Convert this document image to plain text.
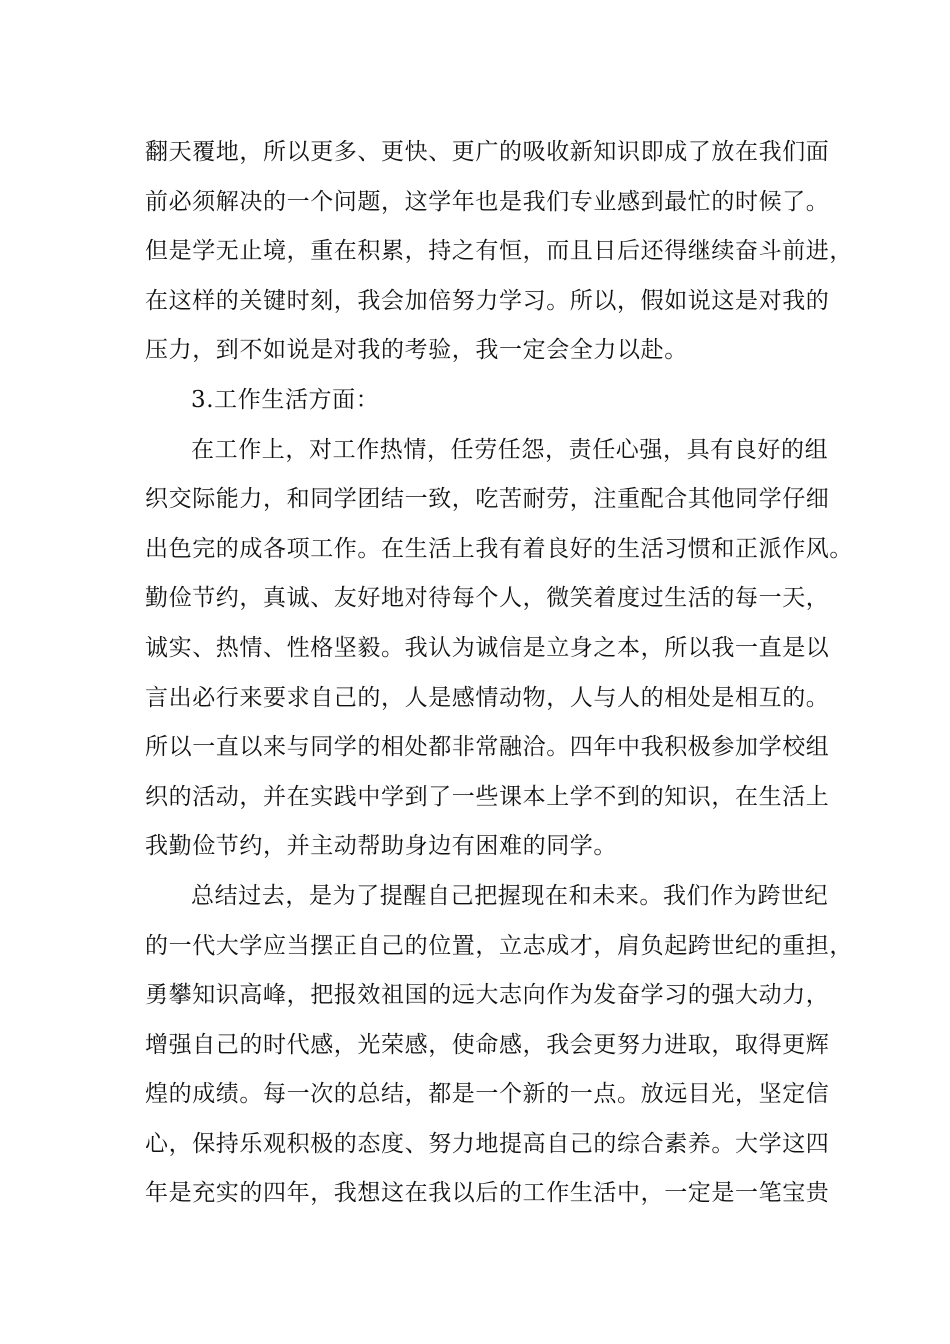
翻天覆地，所以更多、更快、更广的吸收新知识即成了放在我们面
前必须解决的一个问题，这学年也是我们专业感到最忙的时候了。
但是学无止境，重在积累，持之有恒，而且日后还得继续奋斗前进，
在这样的关键时刻，我会加倍努力学习。所以，假如说这是对我的
压力，到不如说是对我的考验，我一定会全力以赴。
3.工作生活方面：
在工作上，对工作热情，任劳任怨，责任心强，具有良好的组
织交际能力，和同学团结一致，吃苦耐劳，注重配合其他同学仔细
出色完的成各项工作。在生活上我有着良好的生活习惯和正派作风。
勤俭节约，真诚、友好地对待每个人，微笑着度过生活的每一天，
诚实、热情、性格坚毅。我认为诚信是立身之本，所以我一直是以
言出必行来要求自己的，人是感情动物，人与人的相处是相互的。
所以一直以来与同学的相处都非常融洽。四年中我积极参加学校组
织的活动，并在实践中学到了一些课本上学不到的知识，在生活上
我勤俭节约，并主动帮助身边有困难的同学。
总结过去，是为了提醒自己把握现在和未来。我们作为跨世纪
的一代大学应当摆正自己的位置，立志成才，肩负起跨世纪的重担，
勇攀知识高峰，把报效祖国的远大志向作为发奋学习的强大动力，
增强自己的时代感，光荣感，使命感，我会更努力进取，取得更辉
煌的成绩。每一次的总结，都是一个新的一点。放远目光，坚定信
心，保持乐观积极的态度、努力地提高自己的综合素养。大学这四
年是充实的四年，我想这在我以后的工作生活中，一定是一笔宝贵
